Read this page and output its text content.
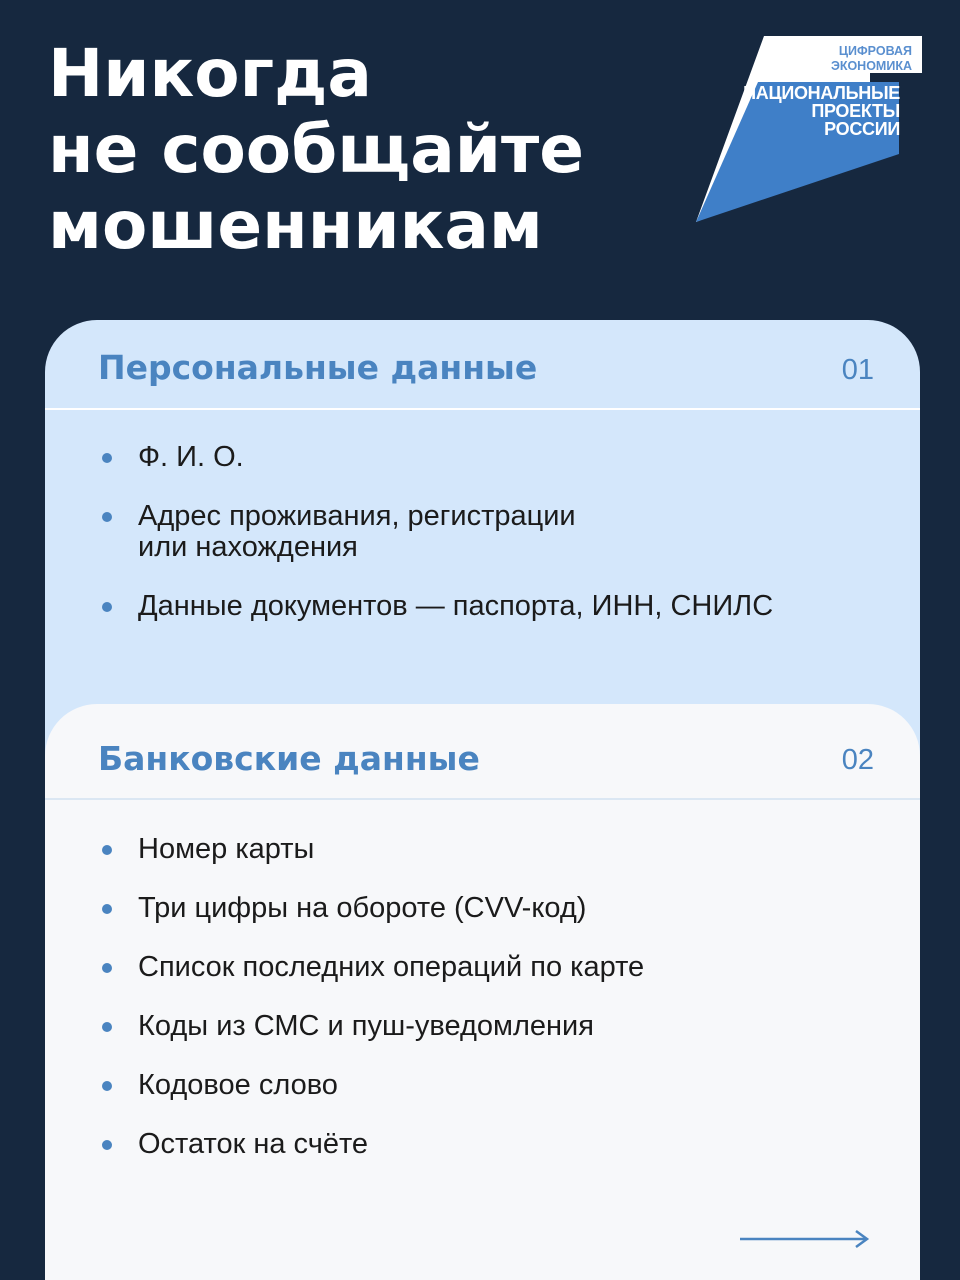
Никогда
не сообщайте
мошенникам
ЦИФРОВАЯ
ЭКОНОМИКА
НАЦИОНАЛЬНЫЕ
ПРОЕКТЫ
РОССИИ
Персональные данные	01
Ф. И. О.
Адрес проживания, регистрации
или нахождения
Данные документов — паспорта, ИНН, СНИЛС
Банковские данные	02
Номер карты
Три цифры на обороте (CVV-код)
Список последних операций по карте
Коды из СМС и пуш-уведомления
Кодовое слово
Остаток на счёте
